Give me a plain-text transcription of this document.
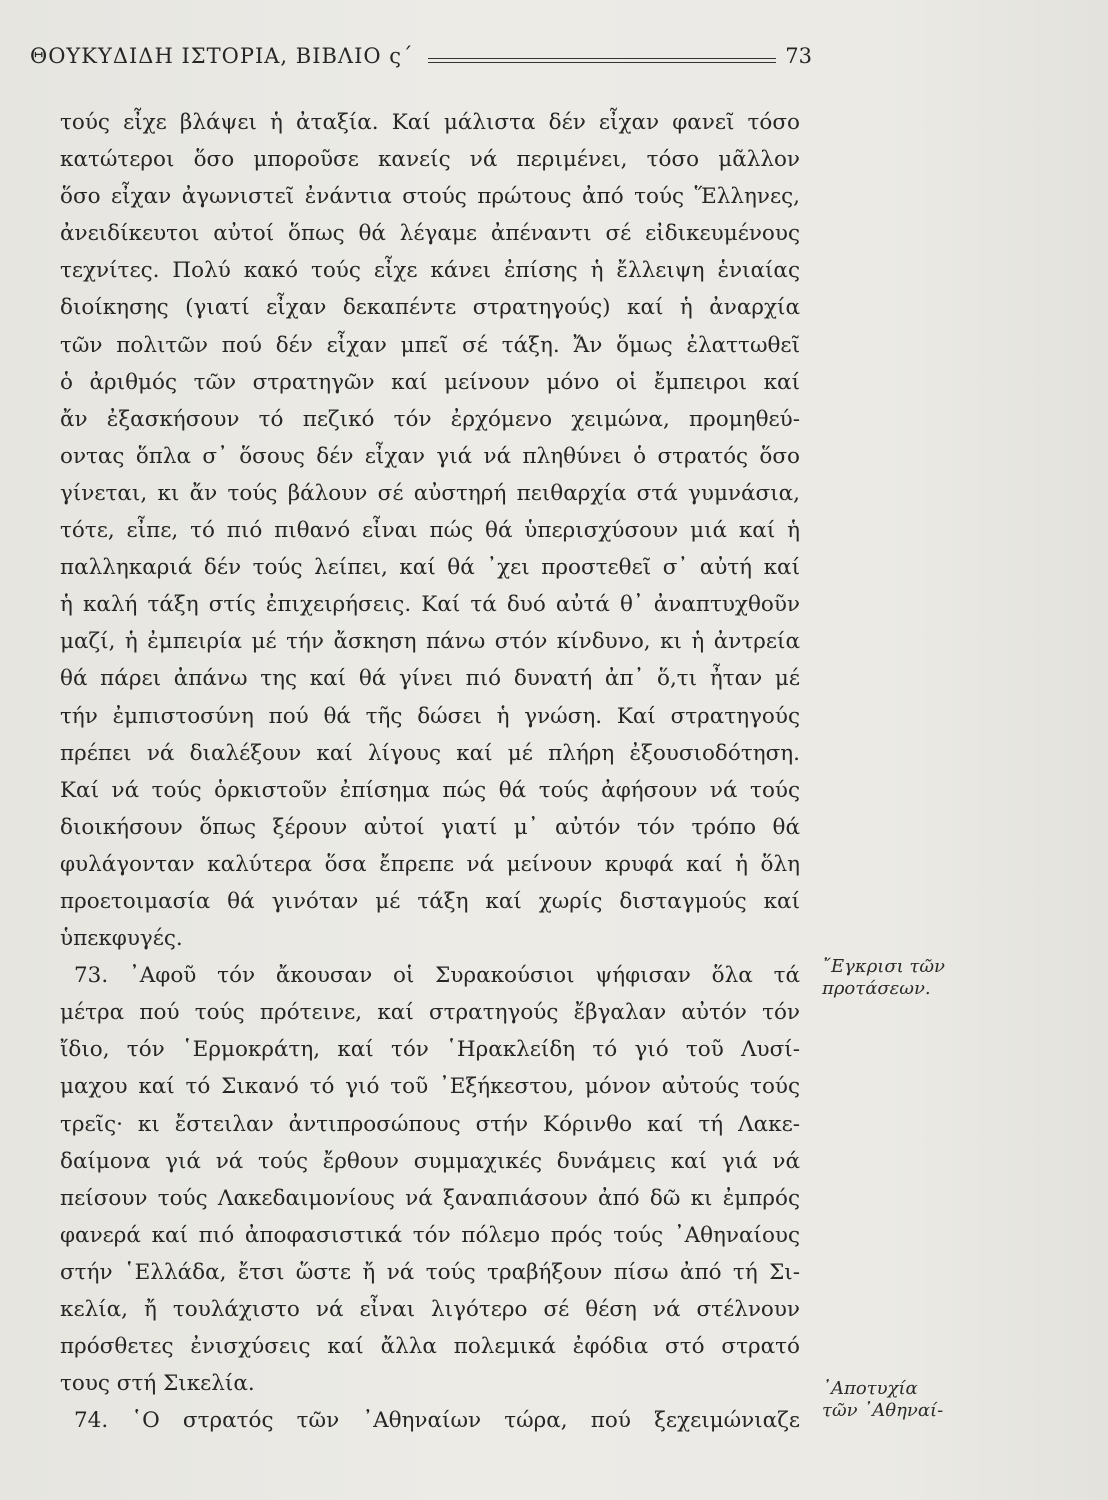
ΘΟΥΚΥΔΙΔΗ ΙΣΤΟΡΙΑ, ΒΙΒΛΙΟ ς΄	73
τούς εἶχε βλάψει ἡ ἀταξία. Καί μάλιστα δέν εἶχαν φανεῖ τόσο
κατώτεροι ὅσο μποροῦσε κανείς νά περιμένει, τόσο μᾶλλον
ὅσο εἶχαν ἀγωνιστεῖ ἐνάντια στούς πρώτους ἀπό τούς Ἕλληνες,
ἀνειδίκευτοι αὐτοί ὅπως θά λέγαμε ἀπέναντι σέ εἰδικευμένους
τεχνίτες. Πολύ κακό τούς εἶχε κάνει ἐπίσης ἡ ἔλλειψη ἑνιαίας
διοίκησης (γιατί εἶχαν δεκαπέντε στρατηγούς) καί ἡ ἀναρχία
τῶν πολιτῶν πού δέν εἶχαν μπεῖ σέ τάξη. Ἄν ὅμως ἐλαττωθεῖ
ὁ ἀριθμός τῶν στρατηγῶν καί μείνουν μόνο οἱ ἔμπειροι καί
ἄν ἐξασκήσουν τό πεζικό τόν ἐρχόμενο χειμώνα, προμηθεύ-
οντας ὅπλα σ᾿ ὅσους δέν εἶχαν γιά νά πληθύνει ὁ στρατός ὅσο
γίνεται, κι ἄν τούς βάλουν σέ αὐστηρή πειθαρχία στά γυμνάσια,
τότε, εἶπε, τό πιό πιθανό εἶναι πώς θά ὑπερισχύσουν μιά καί ἡ
παλληκαριά δέν τούς λείπει, καί θά ᾿χει προστεθεῖ σ᾿ αὐτή καί
ἡ καλή τάξη στίς ἐπιχειρήσεις. Καί τά δυό αὐτά θ᾿ ἀναπτυχθοῦν
μαζί, ἡ ἐμπειρία μέ τήν ἄσκηση πάνω στόν κίνδυνο, κι ἡ ἀντρεία
θά πάρει ἀπάνω της καί θά γίνει πιό δυνατή ἀπ᾿ ὅ,τι ἦταν μέ
τήν ἐμπιστοσύνη πού θά τῆς δώσει ἡ γνώση. Καί στρατηγούς
πρέπει νά διαλέξουν καί λίγους καί μέ πλήρη ἐξουσιοδότηση.
Καί νά τούς ὁρκιστοῦν ἐπίσημα πώς θά τούς ἀφήσουν νά τούς
διοικήσουν ὅπως ξέρουν αὐτοί γιατί μ᾿ αὐτόν τόν τρόπο θά
φυλάγονταν καλύτερα ὅσα ἔπρεπε νά μείνουν κρυφά καί ἡ ὅλη
προετοιμασία θά γινόταν μέ τάξη καί χωρίς δισταγμούς καί
ὑπεκφυγές.
73. ᾿Αφοῦ τόν ἄκουσαν οἱ Συρακούσιοι ψήφισαν ὅλα τά
μέτρα πού τούς πρότεινε, καί στρατηγούς ἔβγαλαν αὐτόν τόν
ἴδιο, τόν ῾Ερμοκράτη, καί τόν ῾Ηρακλείδη τό γιό τοῦ Λυσί-
μαχου καί τό Σικανό τό γιό τοῦ ᾿Εξήκεστου, μόνον αὐτούς τούς
τρεῖς· κι ἔστειλαν ἀντιπροσώπους στήν Κόρινθο καί τή Λακε-
δαίμονα γιά νά τούς ἔρθουν συμμαχικές δυνάμεις καί γιά νά
πείσουν τούς Λακεδαιμονίους νά ξαναπιάσουν ἀπό δῶ κι ἐμπρός
φανερά καί πιό ἀποφασιστικά τόν πόλεμο πρός τούς ᾿Αθηναίους
στήν ῾Ελλάδα, ἔτσι ὥστε ἤ νά τούς τραβήξουν πίσω ἀπό τή Σι-
κελία, ἤ τουλάχιστο νά εἶναι λιγότερο σέ θέση νά στέλνουν
πρόσθετες ἐνισχύσεις καί ἄλλα πολεμικά ἐφόδια στό στρατό
τους στή Σικελία.
74. ῾Ο στρατός τῶν ᾿Αθηναίων τώρα, πού ξεχειμώνιαζε
῎Εγκρισι τῶν
προτάσεων.
᾿Αποτυχία
τῶν ᾿Αθηναί-
